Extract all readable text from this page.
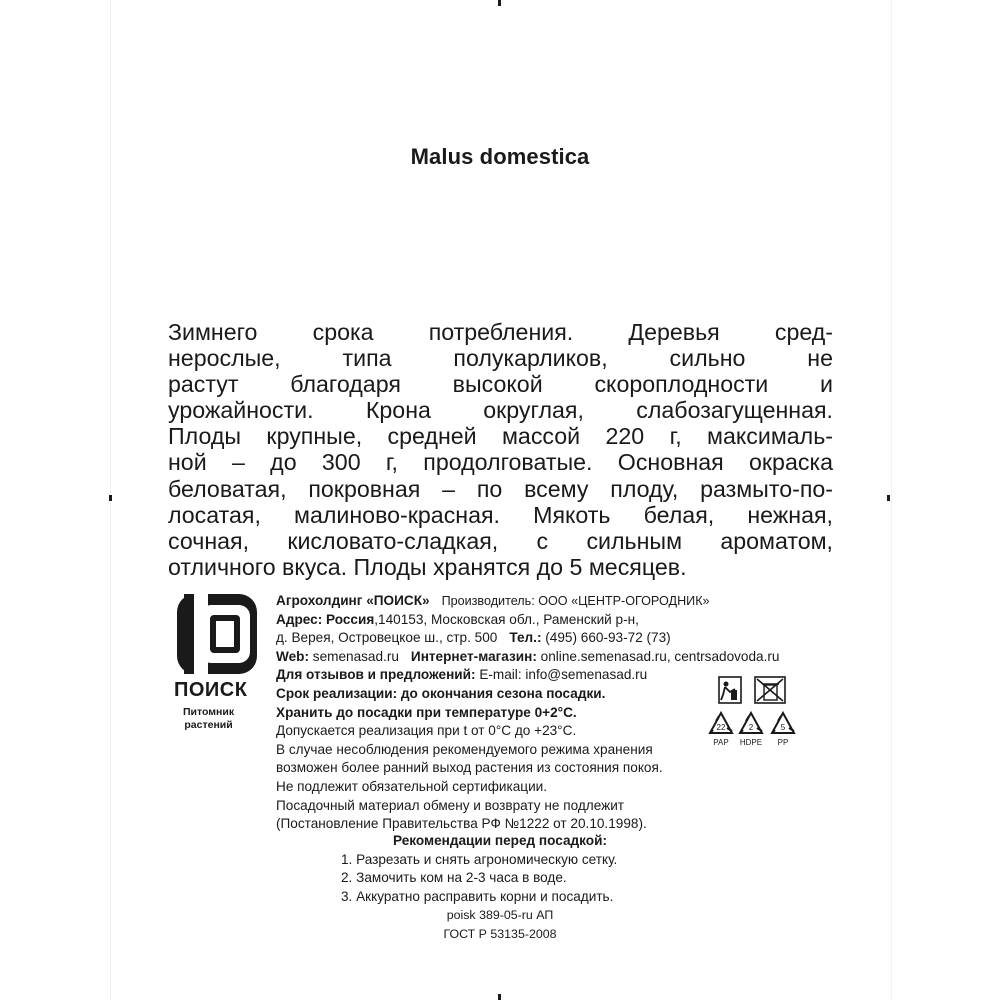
Malus domestica
Зимнего срока потребления. Деревья сред-
нерослые, типа полукарликов, сильно не
растут благодаря высокой скороплодности и
урожайности. Крона округлая, слабозагущенная.
Плоды крупные, средней массой 220 г, максималь-
ной – до 300 г, продолговатые. Основная окраска
беловатая, покровная – по всему плоду, размыто-по-
лосатая, малиново-красная. Мякоть белая, нежная,
сочная, кисловато-сладкая, с сильным ароматом,
отличного вкуса. Плоды хранятся до 5 месяцев.
ПОИСК
Питомник
растений
Агрохолдинг «ПОИСК» Производитель: ООО «ЦЕНТР-ОГОРОДНИК»
Адрес: Россия,140153, Московская обл., Раменский р-н,
д. Верея, Островецкое ш., стр. 500 Тел.: (495) 660-93-72 (73)
Web: semenasad.ru Интернет-магазин: online.semenasad.ru, centrsadovoda.ru
Для отзывов и предложений: E-mail: info@semenasad.ru
Срок реализации: до окончания сезона посадки.
Хранить до посадки при температуре 0+2°С.
Допускается реализация при t от 0°С до +23°С.
В случае несоблюдения рекомендуемого режима хранения
возможен более ранний выход растения из состояния покоя.
Не подлежит обязательной сертификации.
Посадочный материал обмену и возврату не подлежит
(Постановление Правительства РФ №1222 от 20.10.1998).
22
PAP
2
HDPE
5
PP
Рекомендации перед посадкой:
1. Разрезать и снять агрономическую сетку.
2. Замочить ком на 2-3 часа в воде.
3. Аккуратно расправить корни и посадить.
poisk 389-05-ru АП
ГОСТ Р 53135-2008
